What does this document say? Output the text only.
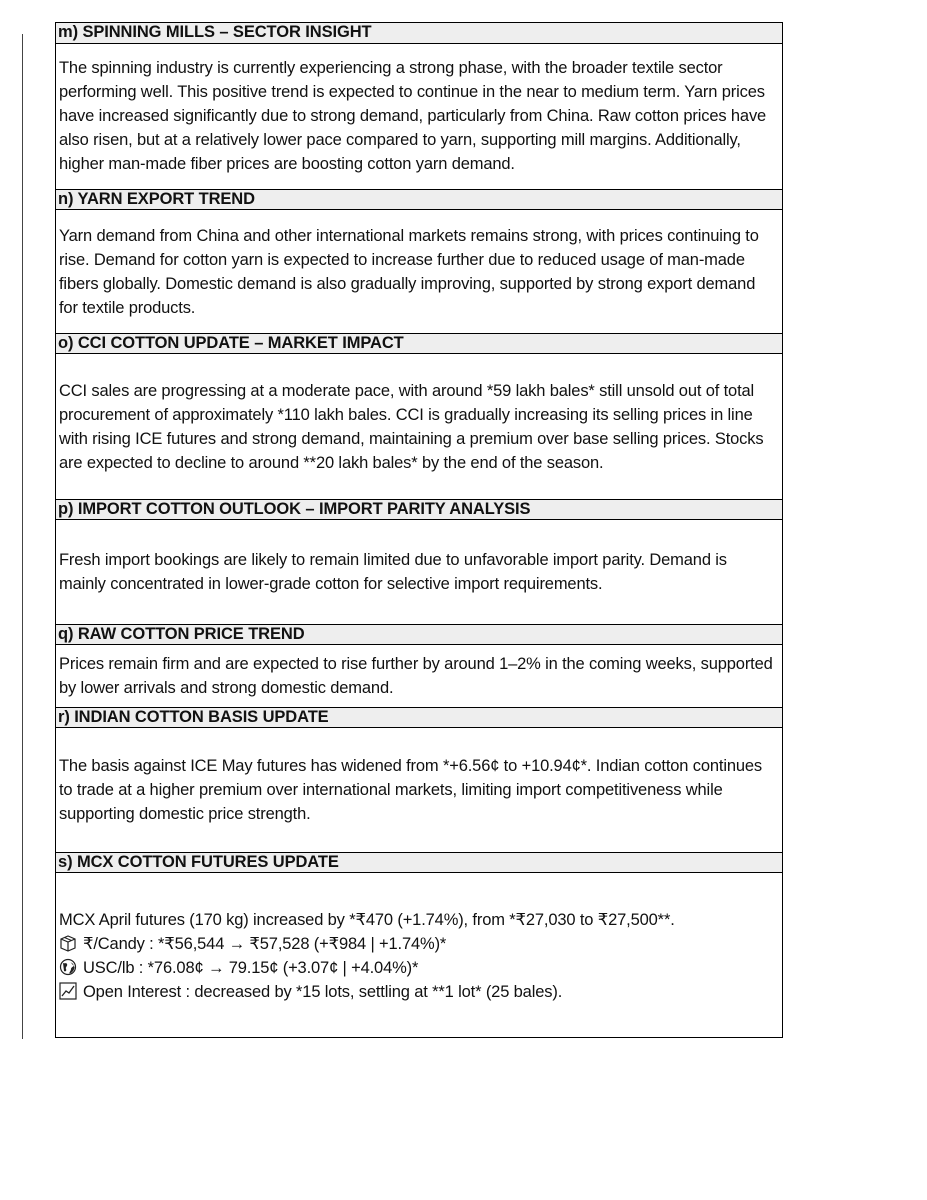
m) SPINNING MILLS – SECTOR INSIGHT

The spinning industry is currently experiencing a strong phase, with the broader textile sector performing well. This positive trend is expected to continue in the near to medium term. Yarn prices have increased significantly due to strong demand, particularly from China. Raw cotton prices have also risen, but at a relatively lower pace compared to yarn, supporting mill margins. Additionally, higher man-made fiber prices are boosting cotton yarn demand.

n) YARN EXPORT TREND

Yarn demand from China and other international markets remains strong, with prices continuing to rise. Demand for cotton yarn is expected to increase further due to reduced usage of man-made fibers globally. Domestic demand is also gradually improving, supported by strong export demand for textile products.

o) CCI COTTON UPDATE – MARKET IMPACT

CCI sales are progressing at a moderate pace, with around *59 lakh bales* still unsold out of total procurement of approximately *110 lakh bales. CCI is gradually increasing its selling prices in line with rising ICE futures and strong demand, maintaining a premium over base selling prices. Stocks are expected to decline to around **20 lakh bales* by the end of the season.

p) IMPORT COTTON OUTLOOK – IMPORT PARITY ANALYSIS

Fresh import bookings are likely to remain limited due to unfavorable import parity. Demand is mainly concentrated in lower-grade cotton for selective import requirements.

q) RAW COTTON PRICE TREND

Prices remain firm and are expected to rise further by around 1–2% in the coming weeks, supported by lower arrivals and strong domestic demand.

r) INDIAN COTTON BASIS UPDATE

The basis against ICE May futures has widened from *+6.56¢ to +10.94¢*. Indian cotton continues to trade at a higher premium over international markets, limiting import competitiveness while supporting domestic price strength.

s) MCX COTTON FUTURES UPDATE

MCX April futures (170 kg) increased by *₹470 (+1.74%), from *₹27,030 to ₹27,500**.

₹/Candy : *₹56,544 → ₹57,528 (+₹984 | +1.74%)*
USC/lb : *76.08¢ → 79.15¢ (+3.07¢ | +4.04%)*
Open Interest : decreased by *15 lots, settling at **1 lot* (25 bales).
